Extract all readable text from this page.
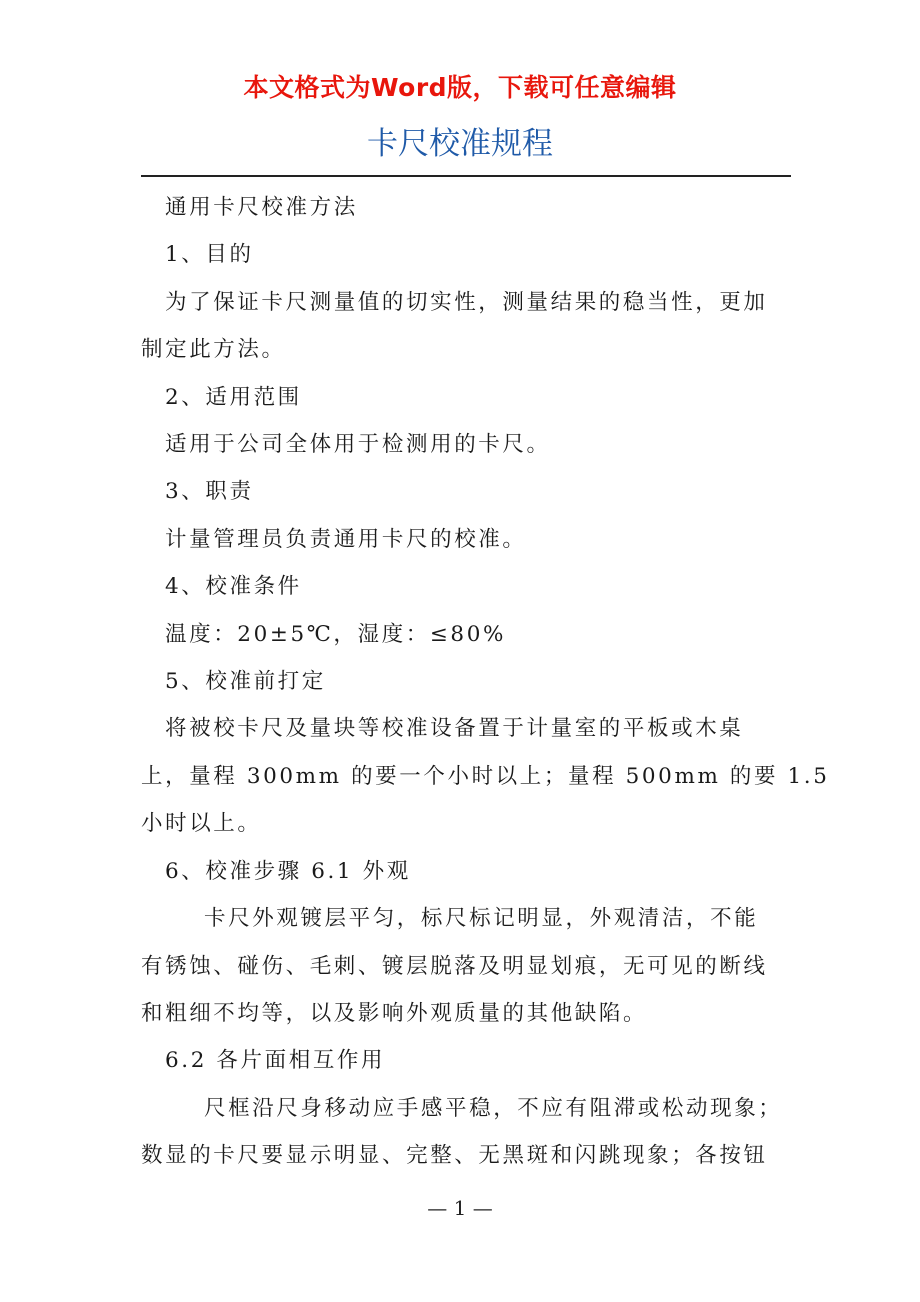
本文格式为Word版，下载可任意编辑
卡尺校准规程

通用卡尺校准方法

1、目的

为了保证卡尺测量值的切实性，测量结果的稳当性，更加

制定此方法。

2、适用范围

适用于公司全体用于检测用的卡尺。

3、职责

计量管理员负责通用卡尺的校准。

4、校准条件

温度：20±5℃，湿度：≤80%

5、校准前打定

将被校卡尺及量块等校准设备置于计量室的平板或木桌

上，量程 300mm 的要一个小时以上；量程 500mm 的要 1.5

小时以上。

6、校准步骤 6.1 外观

卡尺外观镀层平匀，标尺标记明显，外观清洁，不能

有锈蚀、碰伤、毛刺、镀层脱落及明显划痕，无可见的断线

和粗细不均等，以及影响外观质量的其他缺陷。

6.2 各片面相互作用

尺框沿尺身移动应手感平稳，不应有阻滞或松动现象；

数显的卡尺要显示明显、完整、无黑斑和闪跳现象；各按钮

— 1 —
